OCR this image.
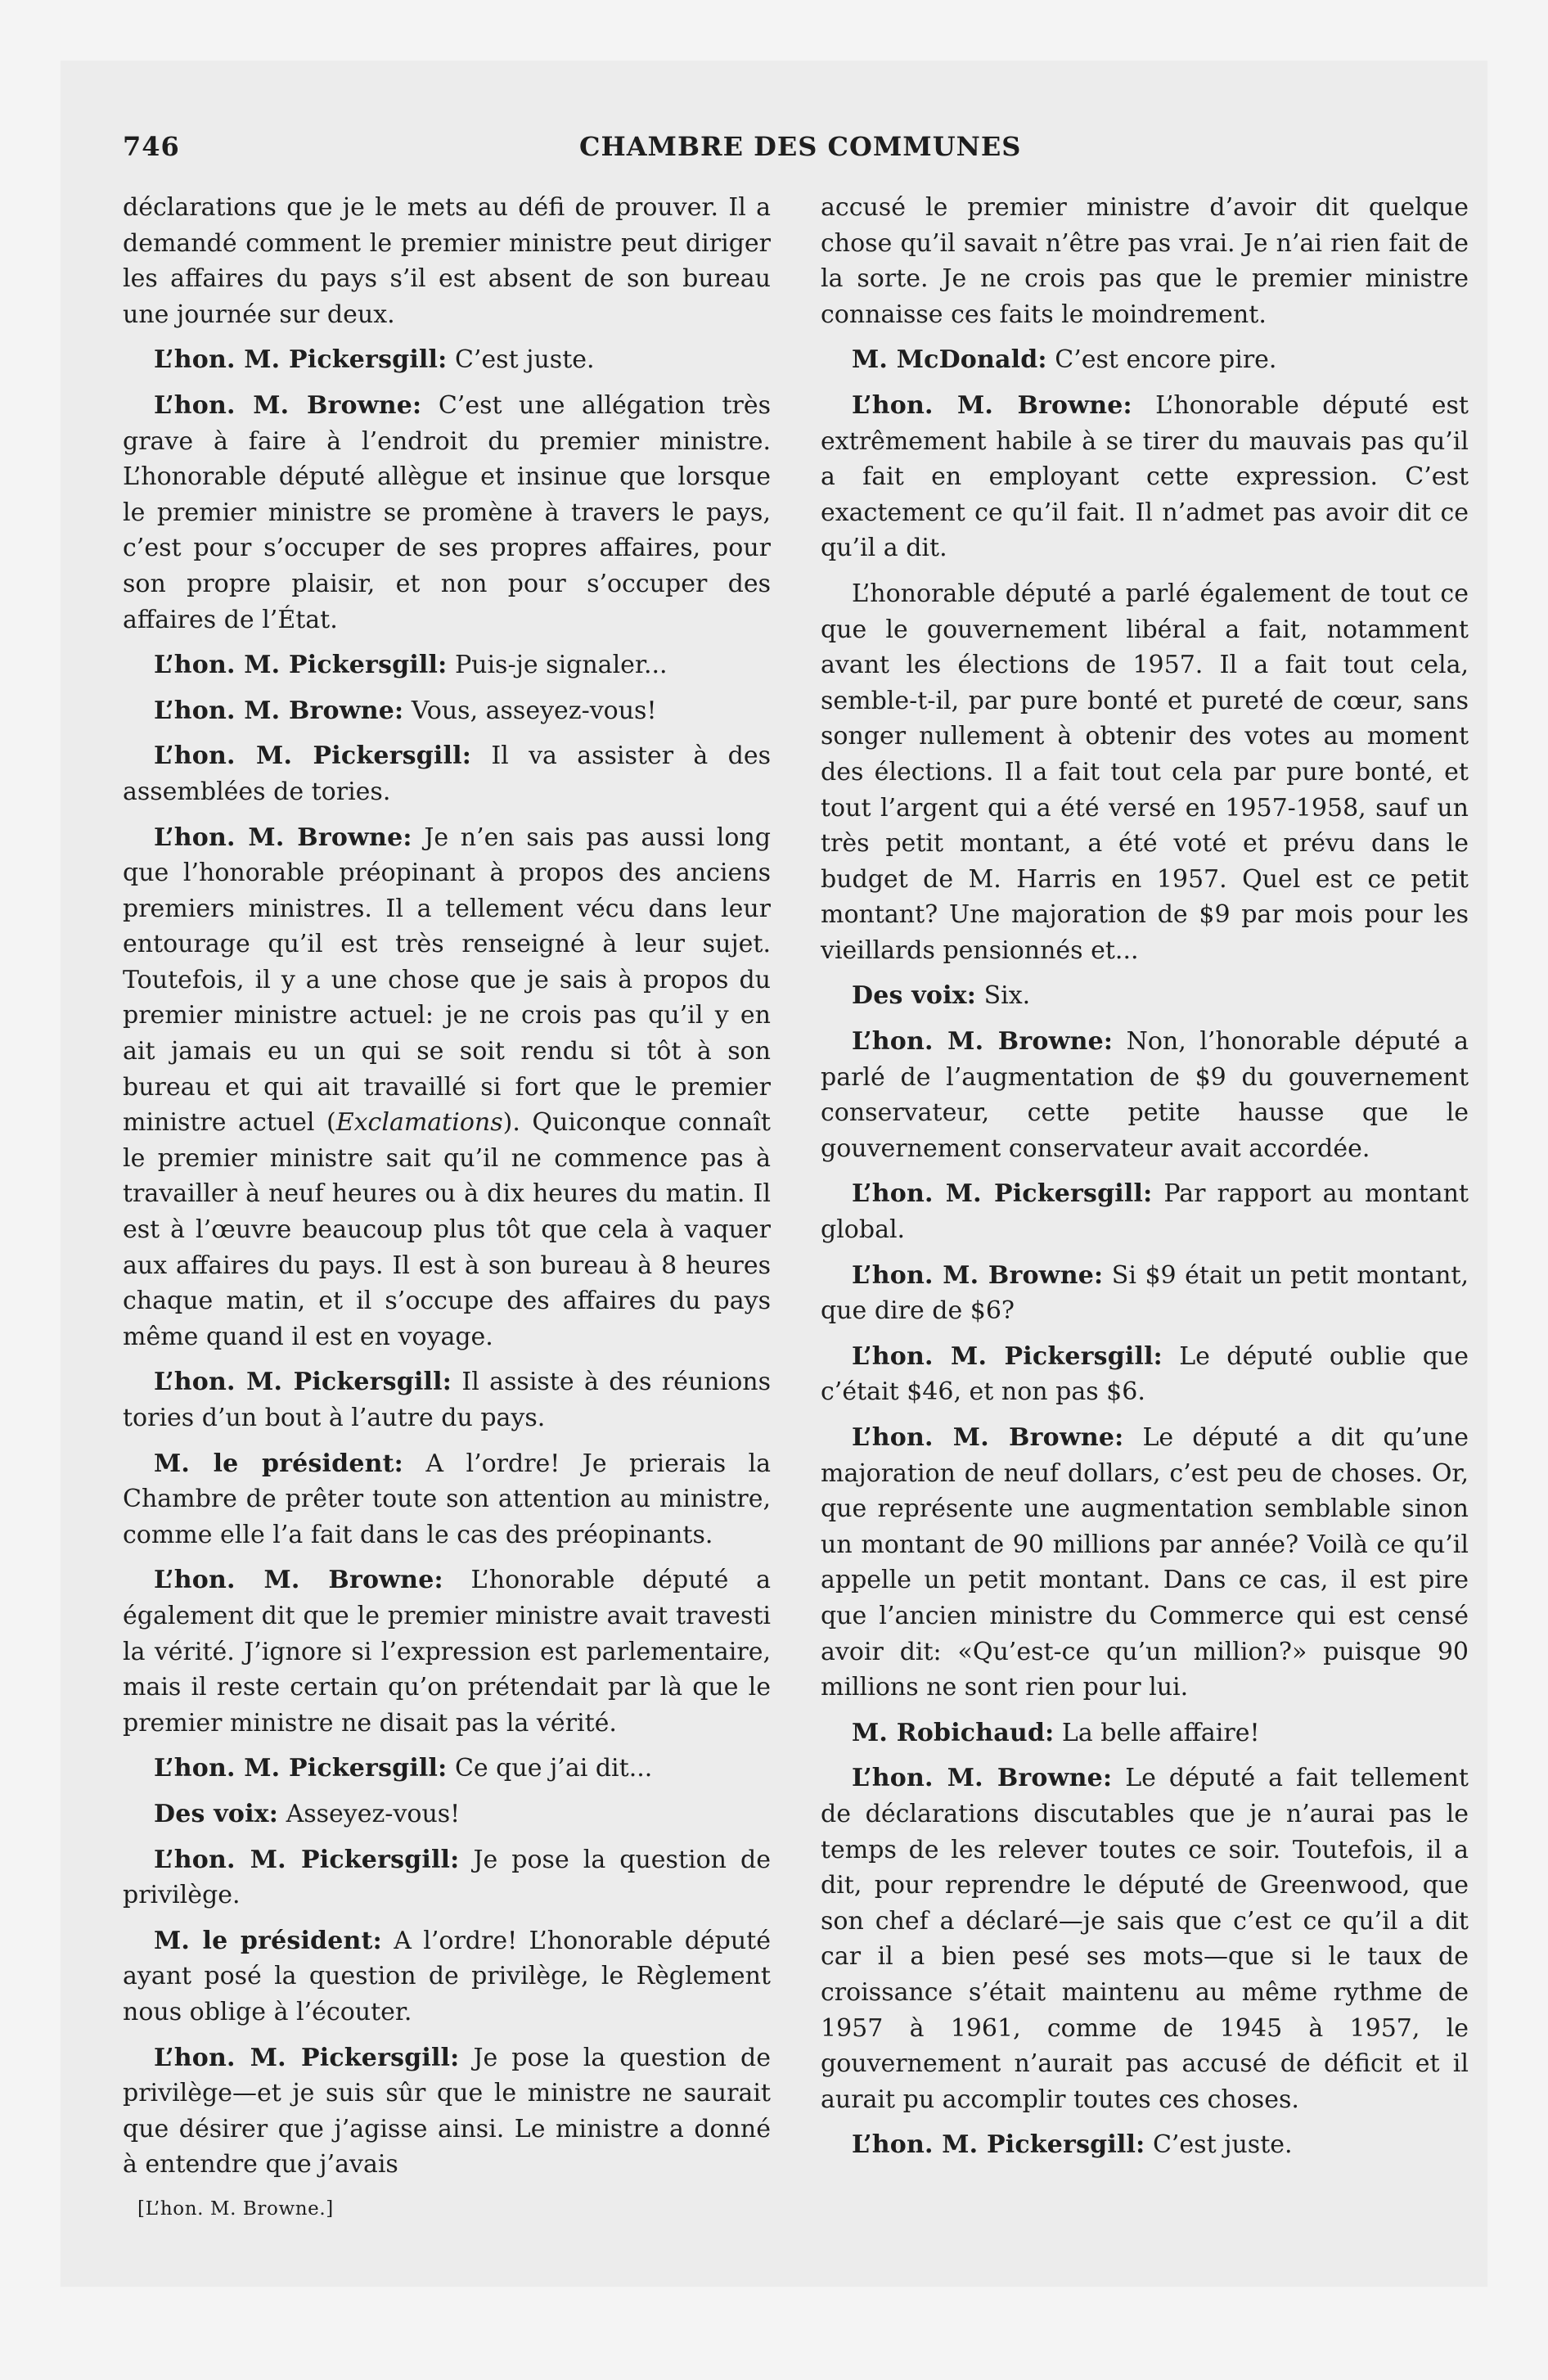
746	CHAMBRE DES COMMUNES

déclarations que je le mets au défi de prouver. Il a demandé comment le premier ministre peut diriger les affaires du pays s’il est absent de son bureau une journée sur deux.

L’hon. M. Pickersgill: C’est juste.

L’hon. M. Browne: C’est une allégation très grave à faire à l’endroit du premier ministre. L’honorable député allègue et insinue que lorsque le premier ministre se promène à travers le pays, c’est pour s’occuper de ses propres affaires, pour son propre plaisir, et non pour s’occuper des affaires de l’État.

L’hon. M. Pickersgill: Puis-je signaler...

L’hon. M. Browne: Vous, asseyez-vous!

L’hon. M. Pickersgill: Il va assister à des assemblées de tories.

L’hon. M. Browne: Je n’en sais pas aussi long que l’honorable préopinant à propos des anciens premiers ministres. Il a tellement vécu dans leur entourage qu’il est très renseigné à leur sujet. Toutefois, il y a une chose que je sais à propos du premier ministre actuel: je ne crois pas qu’il y en ait jamais eu un qui se soit rendu si tôt à son bureau et qui ait travaillé si fort que le premier ministre actuel (Exclamations). Quiconque connaît le premier ministre sait qu’il ne commence pas à travailler à neuf heures ou à dix heures du matin. Il est à l’œuvre beaucoup plus tôt que cela à vaquer aux affaires du pays. Il est à son bureau à 8 heures chaque matin, et il s’occupe des affaires du pays même quand il est en voyage.

L’hon. M. Pickersgill: Il assiste à des réunions tories d’un bout à l’autre du pays.

M. le président: A l’ordre! Je prierais la Chambre de prêter toute son attention au ministre, comme elle l’a fait dans le cas des préopinants.

L’hon. M. Browne: L’honorable député a également dit que le premier ministre avait travesti la vérité. J’ignore si l’expression est parlementaire, mais il reste certain qu’on prétendait par là que le premier ministre ne disait pas la vérité.

L’hon. M. Pickersgill: Ce que j’ai dit...

Des voix: Asseyez-vous!

L’hon. M. Pickersgill: Je pose la question de privilège.

M. le président: A l’ordre! L’honorable député ayant posé la question de privilège, le Règlement nous oblige à l’écouter.

L’hon. M. Pickersgill: Je pose la question de privilège—et je suis sûr que le ministre ne saurait que désirer que j’agisse ainsi. Le ministre a donné à entendre que j’avais

accusé le premier ministre d’avoir dit quelque chose qu’il savait n’être pas vrai. Je n’ai rien fait de la sorte. Je ne crois pas que le premier ministre connaisse ces faits le moindrement.

M. McDonald: C’est encore pire.

L’hon. M. Browne: L’honorable député est extrêmement habile à se tirer du mauvais pas qu’il a fait en employant cette expression. C’est exactement ce qu’il fait. Il n’admet pas avoir dit ce qu’il a dit.

L’honorable député a parlé également de tout ce que le gouvernement libéral a fait, notamment avant les élections de 1957. Il a fait tout cela, semble-t-il, par pure bonté et pureté de cœur, sans songer nullement à obtenir des votes au moment des élections. Il a fait tout cela par pure bonté, et tout l’argent qui a été versé en 1957-1958, sauf un très petit montant, a été voté et prévu dans le budget de M. Harris en 1957. Quel est ce petit montant? Une majoration de $9 par mois pour les vieillards pensionnés et...

Des voix: Six.

L’hon. M. Browne: Non, l’honorable député a parlé de l’augmentation de $9 du gouvernement conservateur, cette petite hausse que le gouvernement conservateur avait accordée.

L’hon. M. Pickersgill: Par rapport au montant global.

L’hon. M. Browne: Si $9 était un petit montant, que dire de $6?

L’hon. M. Pickersgill: Le député oublie que c’était $46, et non pas $6.

L’hon. M. Browne: Le député a dit qu’une majoration de neuf dollars, c’est peu de choses. Or, que représente une augmentation semblable sinon un montant de 90 millions par année? Voilà ce qu’il appelle un petit montant. Dans ce cas, il est pire que l’ancien ministre du Commerce qui est censé avoir dit: «Qu’est-ce qu’un million?» puisque 90 millions ne sont rien pour lui.

M. Robichaud: La belle affaire!

L’hon. M. Browne: Le député a fait tellement de déclarations discutables que je n’aurai pas le temps de les relever toutes ce soir. Toutefois, il a dit, pour reprendre le député de Greenwood, que son chef a déclaré—je sais que c’est ce qu’il a dit car il a bien pesé ses mots—que si le taux de croissance s’était maintenu au même rythme de 1957 à 1961, comme de 1945 à 1957, le gouvernement n’aurait pas accusé de déficit et il aurait pu accomplir toutes ces choses.

L’hon. M. Pickersgill: C’est juste.

[L’hon. M. Browne.]
